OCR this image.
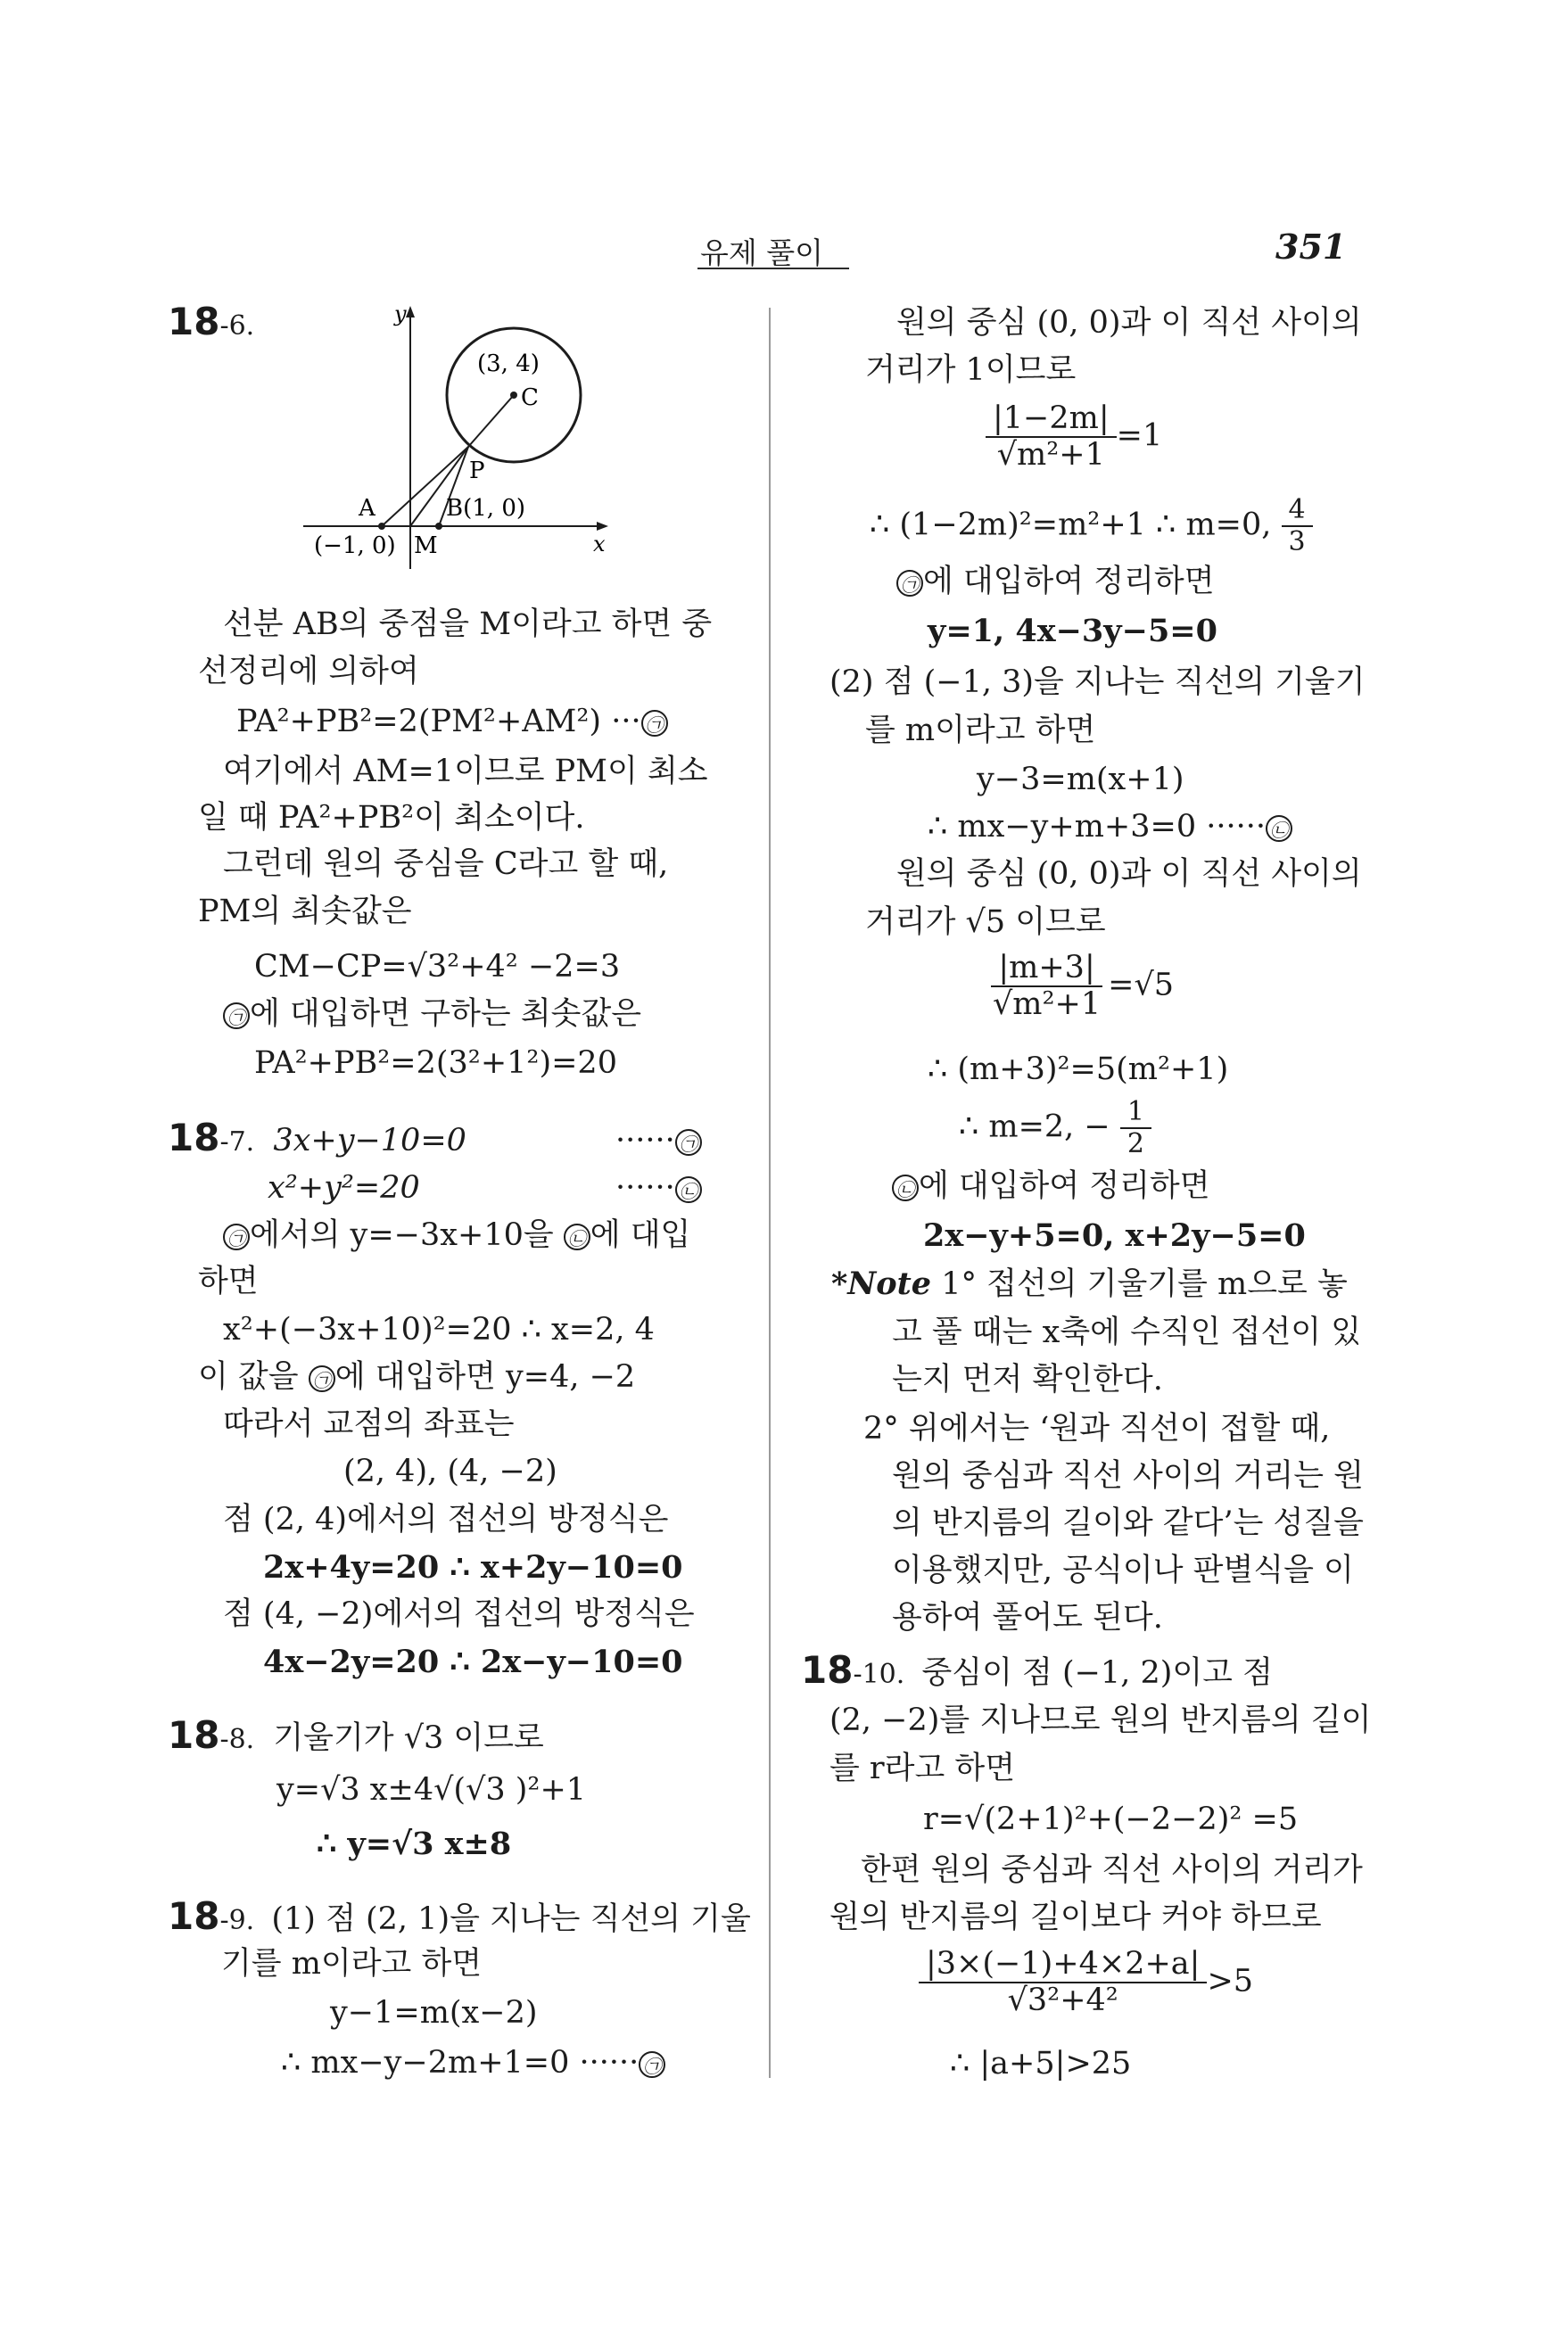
유제 풀이	351
18-6.	y
x
(3, 4)
C
P
A	B(1, 0)
(−1, 0) M
선분 AB의 중점을 M이라고 하면 중
선정리에 의하여
PA²+PB²=2(PM²+AM²) ··· ㉠
여기에서 AM=1이므로 PM이 최소
일 때 PA²+PB²이 최소이다.
그런데 원의 중심을 C라고 할 때,
PM의 최솟값은
CM−CP=√3²+4² −2=3
㉠ 에 대입하면 구하는 최솟값은
PA²+PB²=2(3²+1²)=20
18-7. 3x+y−10=0	······ ㉠
x²+y²=20	······ ㉡
㉠ 에서의 y=−3x+10을 ㉡ 에 대입
하면
x²+(−3x+10)²=20 ∴ x=2, 4
이 값을 ㉠ 에 대입하면 y=4, −2
따라서 교점의 좌표는
(2, 4), (4, −2)
점 (2, 4)에서의 접선의 방정식은
2x+4y=20 ∴ x+2y−10=0
점 (4, −2)에서의 접선의 방정식은
4x−2y=20 ∴ 2x−y−10=0
18-8. 기울기가 √3 이므로
y=√3 x±4√(√3 )²+1
∴ y=√3 x±8
18-9. (1) 점 (2, 1)을 지나는 직선의 기울
기를 m이라고 하면
y−1=m(x−2)
∴ mx−y−2m+1=0 ······ ㉠
원의 중심 (0, 0)과 이 직선 사이의
거리가 1이므로
$\frac{|1-2m|}{\text{√m²+1}} =1$
∴ (1−2m)²=m²+1 ∴ m=0, $\frac{4}{3}$
㉠ 에 대입하여 정리하면
y=1, 4x−3y−5=0
(2) 점 (−1, 3)을 지나는 직선의 기울기
를 m이라고 하면
y−3=m(x+1)
∴ mx−y+m+3=0 ······ ㉡
원의 중심 (0, 0)과 이 직선 사이의
거리가 √5 이므로
$\frac{|m+3|}{\text{√m²+1}} =√5$
∴ (m+3)²=5(m²+1)
∴ m=2, − $\frac{1}{2}$
㉡ 에 대입하여 정리하면
2x−y+5=0, x+2y−5=0
*Note 1° 접선의 기울기를 m으로 놓
고 풀 때는 x축에 수직인 접선이 있
는지 먼저 확인한다.
2° 위에서는 ‘원과 직선이 접할 때,
원의 중심과 직선 사이의 거리는 원
의 반지름의 길이와 같다’는 성질을
이용했지만, 공식이나 판별식을 이
용하여 풀어도 된다.
18-10. 중심이 점 (−1, 2)이고 점
(2, −2)를 지나므로 원의 반지름의 길이
를 r라고 하면
r=√(2+1)²+(−2−2)² =5
한편 원의 중심과 직선 사이의 거리가
원의 반지름의 길이보다 커야 하므로
$\frac{|3\times(-1)+4\times 2+a|}{\text{√3²+4²}} >5$
∴ |a+5|>25
